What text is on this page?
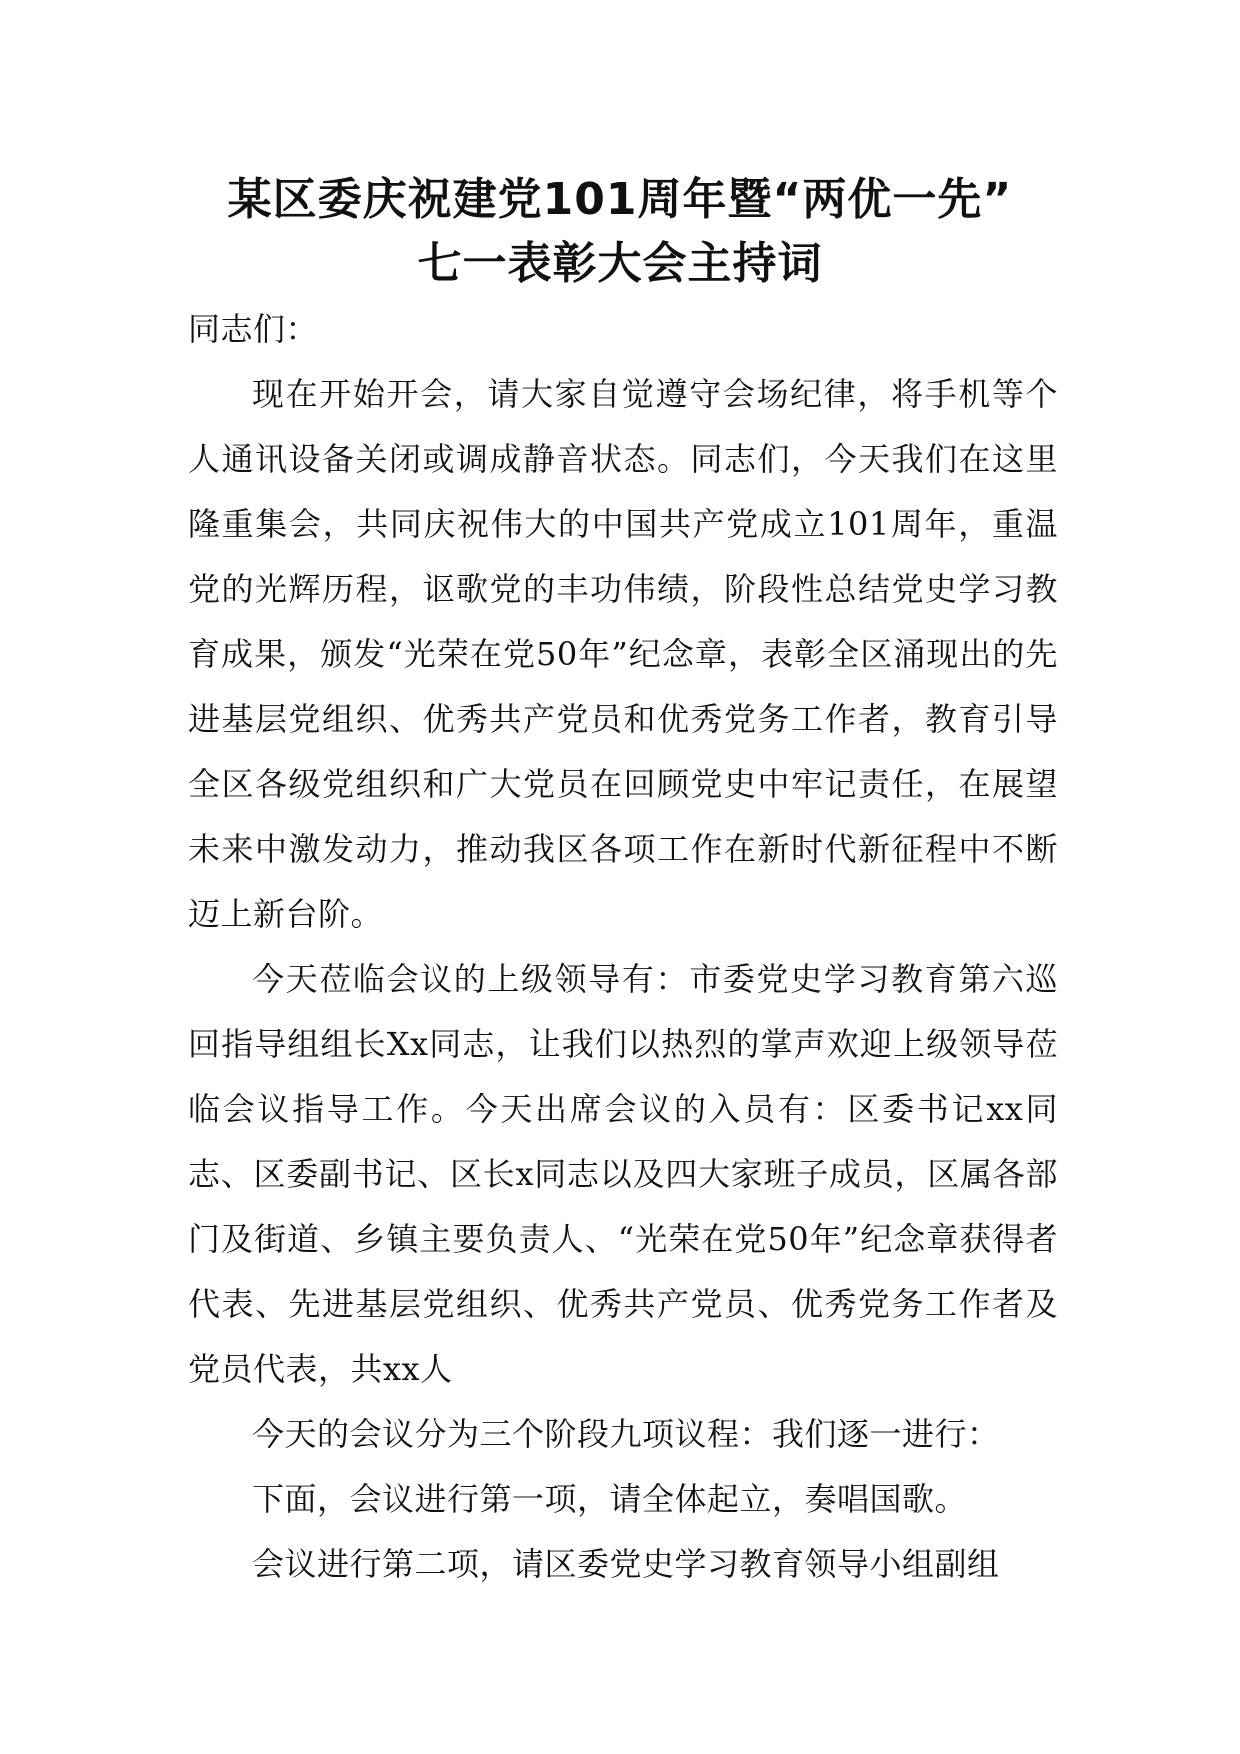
某区委庆祝建党101周年暨“两优一先”
七一表彰大会主持词

同志们：

现在开始开会，请大家自觉遵守会场纪律，将手机等个人通讯设备关闭或调成静音状态。同志们，今天我们在这里隆重集会，共同庆祝伟大的中国共产党成立101周年，重温党的光辉历程，讴歌党的丰功伟绩，阶段性总结党史学习教育成果，颁发“光荣在党50年”纪念章，表彰全区涌现出的先进基层党组织、优秀共产党员和优秀党务工作者，教育引导全区各级党组织和广大党员在回顾党史中牢记责任，在展望未来中激发动力，推动我区各项工作在新时代新征程中不断迈上新台阶。

今天莅临会议的上级领导有：市委党史学习教育第六巡回指导组组长Xx同志，让我们以热烈的掌声欢迎上级领导莅临会议指导工作。今天出席会议的入员有：区委书记xx同志、区委副书记、区长x同志以及四大家班子成员，区属各部门及街道、乡镇主要负责人、“光荣在党50年”纪念章获得者代表、先进基层党组织、优秀共产党员、优秀党务工作者及党员代表，共xx人

今天的会议分为三个阶段九项议程：我们逐一进行：

下面，会议进行第一项，请全体起立，奏唱国歌。

会议进行第二项，请区委党史学习教育领导小组副组
